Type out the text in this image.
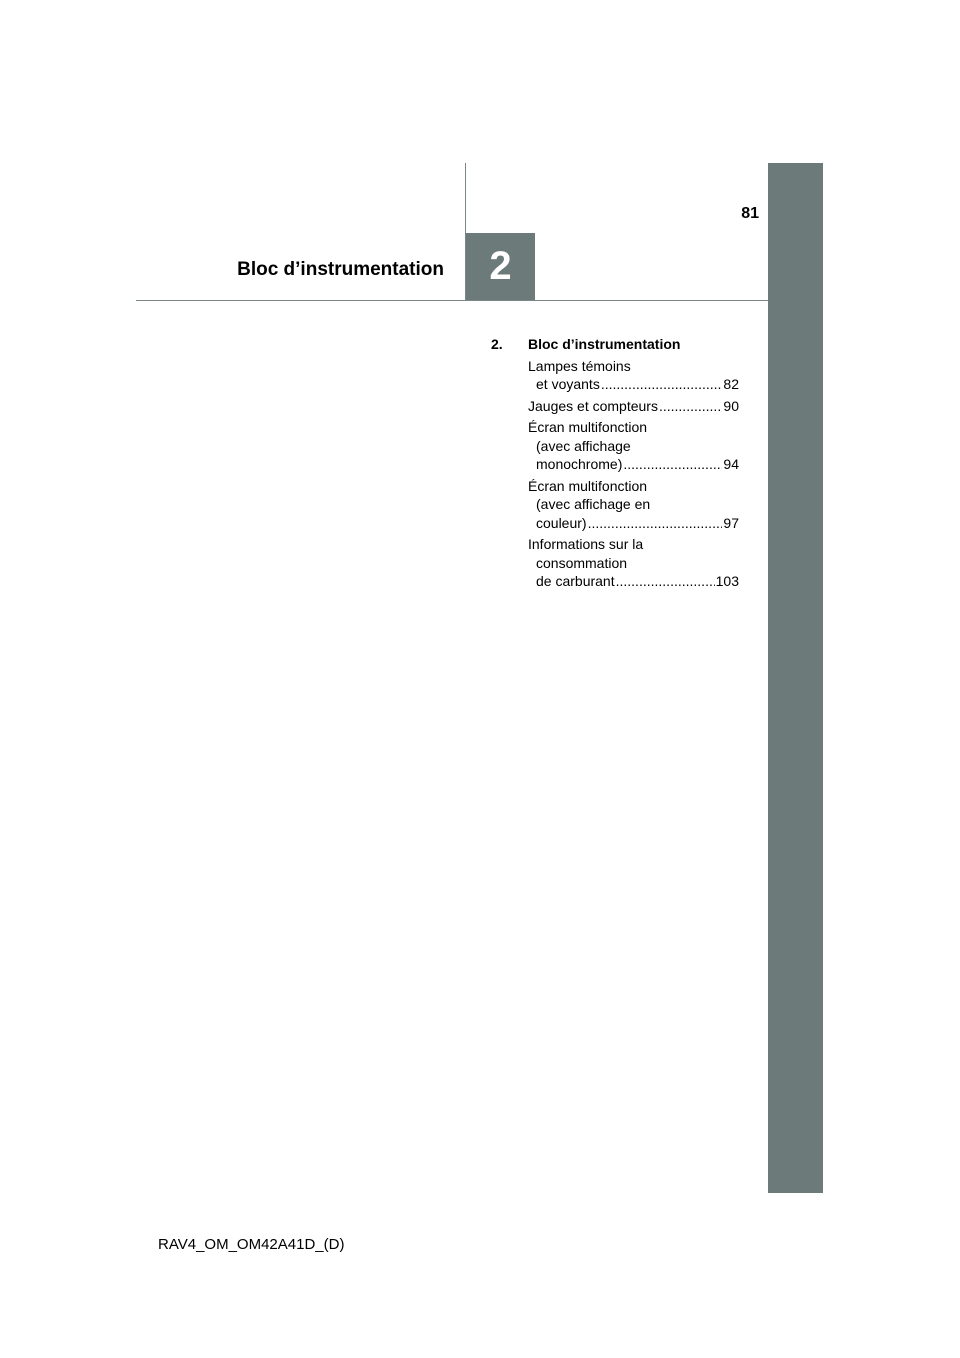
2
Bloc d’instrumentation
81
2.	Bloc d’instrumentation
Lampes témoins
et voyants .....	82
Jauges et compteurs .....	90
Écran multifonction
(avec affichage
monochrome) .....	94
Écran multifonction
(avec affichage en
couleur) .....	97
Informations sur la
consommation
de carburant .....	103
RAV4_OM_OM42A41D_(D)
